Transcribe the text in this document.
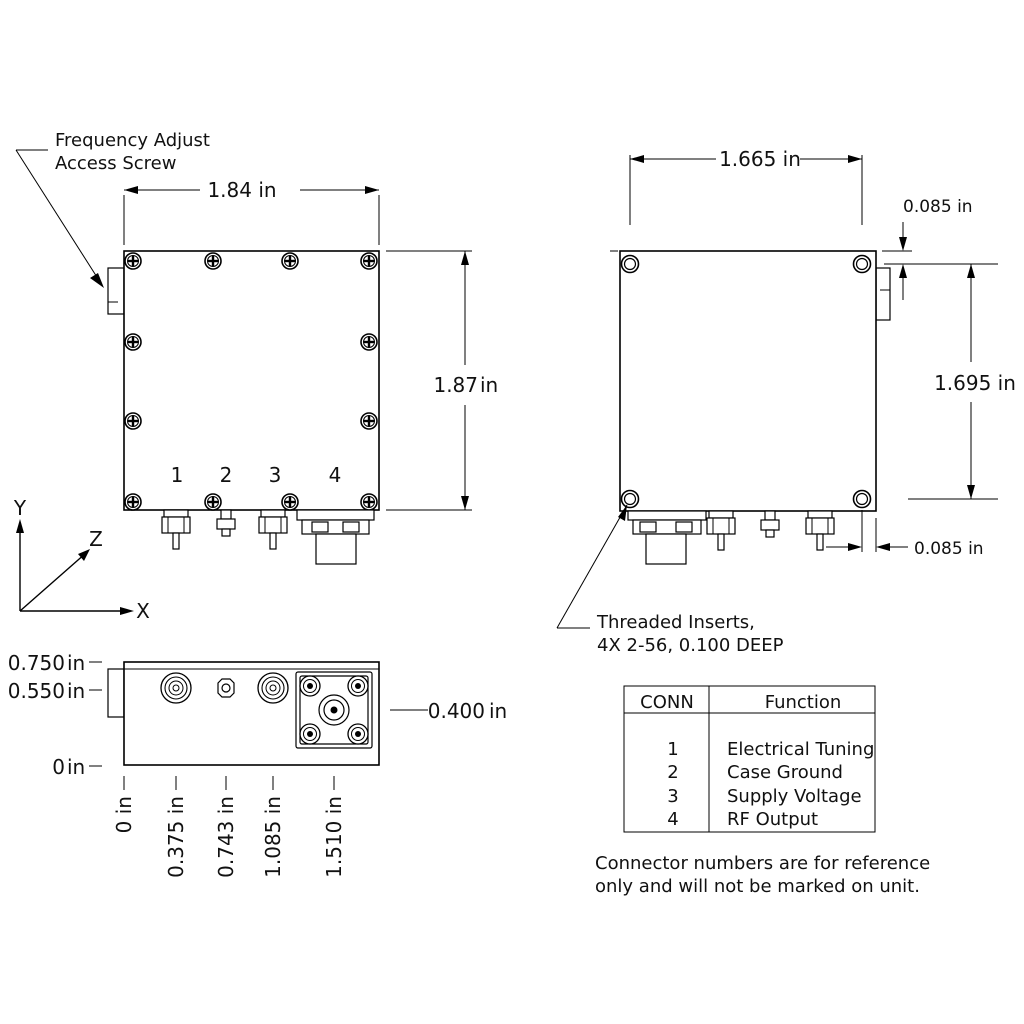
1 2 3 4
1.84 in
1.87 in
Frequency Adjust
Access Screw
Y
X
Z
1.665 in
0.085 in
1.695 in
0.085 in
Threaded Inserts,
4X 2-56, 0.100 DEEP
0.750 in
0.550 in
0 in
0.400 in
0 in 0.375 in 0.743 in 1.085 in 1.510 in
CONN	Function
1	Electrical Tuning
2	Case Ground
3	Supply Voltage
4	RF Output
Connector numbers are for reference
only and will not be marked on unit.
